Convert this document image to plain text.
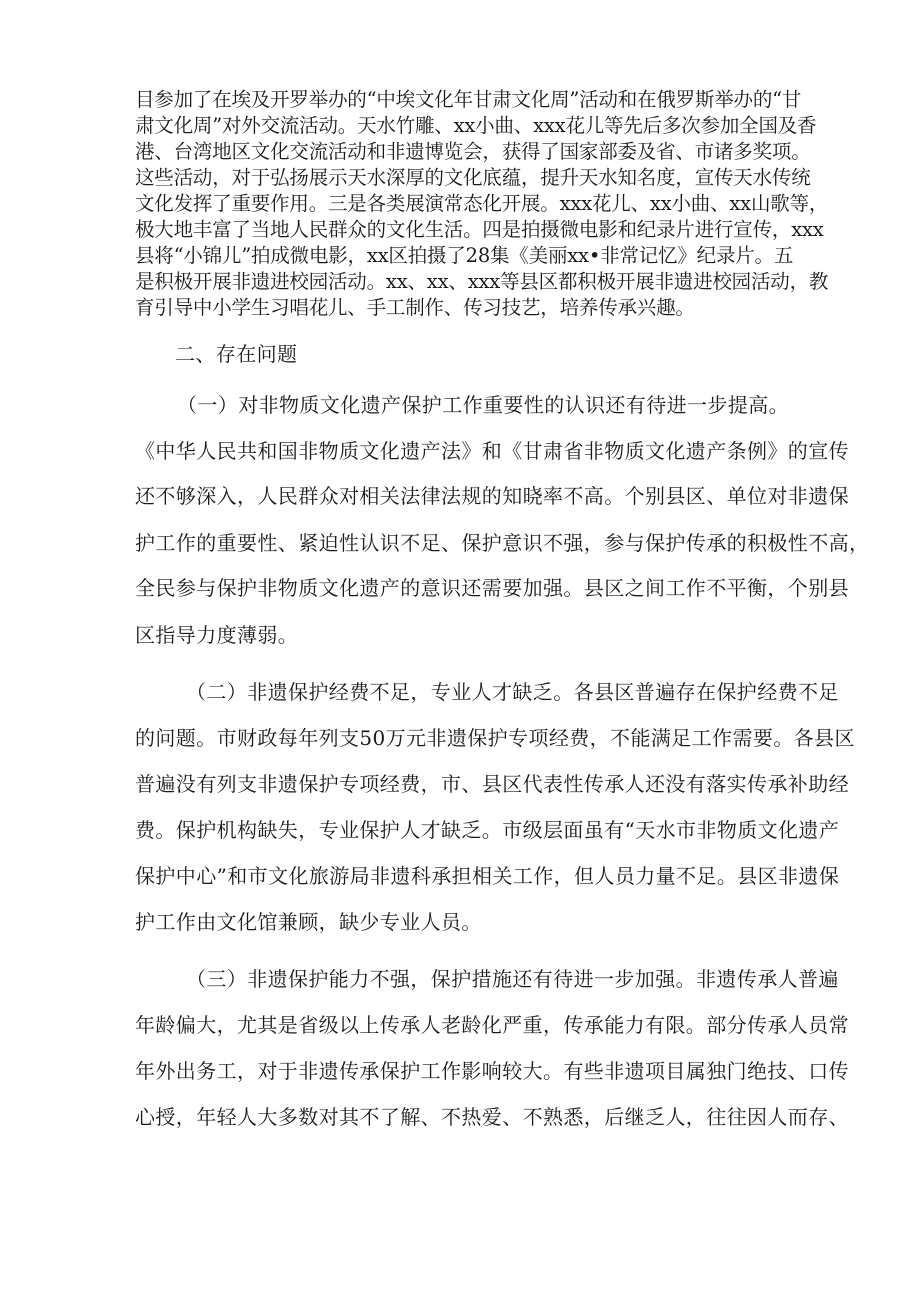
目参加了在埃及开罗举办的“中埃文化年甘肃文化周”活动和在俄罗斯举办的“甘
肃文化周”对外交流活动。天水竹雕、xx小曲、xxx花儿等先后多次参加全国及香
港、台湾地区文化交流活动和非遗博览会，获得了国家部委及省、市诸多奖项。
这些活动，对于弘扬展示天水深厚的文化底蕴，提升天水知名度，宣传天水传统
文化发挥了重要作用。三是各类展演常态化开展。xxx花儿、xx小曲、xx山歌等，
极大地丰富了当地人民群众的文化生活。四是拍摄微电影和纪录片进行宣传，xxx
县将“小锦儿”拍成微电影，xx区拍摄了28集《美丽xx•非常记忆》纪录片。五
是积极开展非遗进校园活动。xx、xx、xxx等县区都积极开展非遗进校园活动，教
育引导中小学生习唱花儿、手工制作、传习技艺，培养传承兴趣。
二、存在问题
（一）对非物质文化遗产保护工作重要性的认识还有待进一步提高。
《中华人民共和国非物质文化遗产法》和《甘肃省非物质文化遗产条例》的宣传
还不够深入，人民群众对相关法律法规的知晓率不高。个别县区、单位对非遗保
护工作的重要性、紧迫性认识不足、保护意识不强，参与保护传承的积极性不高，
全民参与保护非物质文化遗产的意识还需要加强。县区之间工作不平衡，个别县
区指导力度薄弱。
（二）非遗保护经费不足，专业人才缺乏。各县区普遍存在保护经费不足
的问题。市财政每年列支50万元非遗保护专项经费，不能满足工作需要。各县区
普遍没有列支非遗保护专项经费，市、县区代表性传承人还没有落实传承补助经
费。保护机构缺失，专业保护人才缺乏。市级层面虽有“天水市非物质文化遗产
保护中心”和市文化旅游局非遗科承担相关工作，但人员力量不足。县区非遗保
护工作由文化馆兼顾，缺少专业人员。
（三）非遗保护能力不强，保护措施还有待进一步加强。非遗传承人普遍
年龄偏大，尤其是省级以上传承人老龄化严重，传承能力有限。部分传承人员常
年外出务工，对于非遗传承保护工作影响较大。有些非遗项目属独门绝技、口传
心授，年轻人大多数对其不了解、不热爱、不熟悉，后继乏人，往往因人而存、
